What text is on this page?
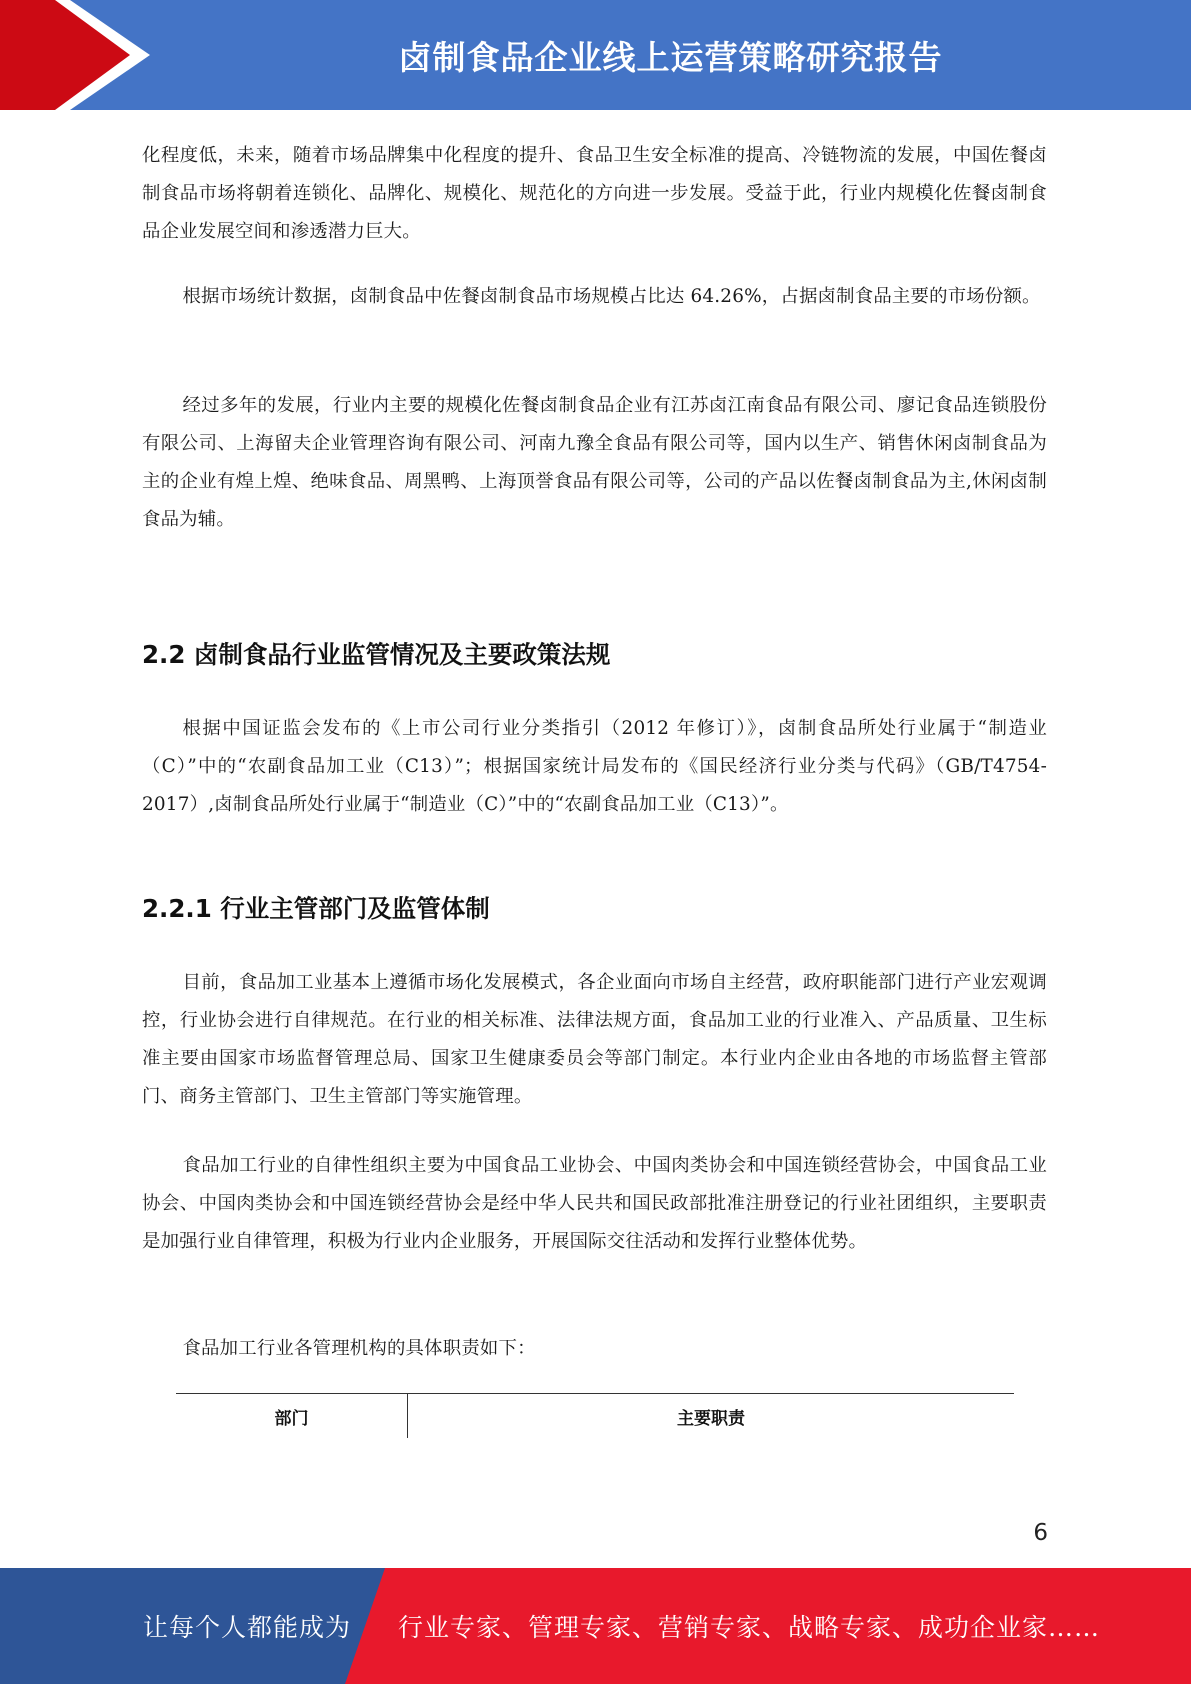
卤制食品企业线上运营策略研究报告

化程度低，未来，随着市场品牌集中化程度的提升、食品卫生安全标准的提高、冷链物流的发展，中国佐餐卤制食品市场将朝着连锁化、品牌化、规模化、规范化的方向进一步发展。受益于此，行业内规模化佐餐卤制食品企业发展空间和渗透潜力巨大。

根据市场统计数据，卤制食品中佐餐卤制食品市场规模占比达 64.26%，占据卤制食品主要的市场份额。

经过多年的发展，行业内主要的规模化佐餐卤制食品企业有江苏卤江南食品有限公司、廖记食品连锁股份有限公司、上海留夫企业管理咨询有限公司、河南九豫全食品有限公司等，国内以生产、销售休闲卤制食品为主的企业有煌上煌、绝味食品、周黑鸭、上海顶誉食品有限公司等，公司的产品以佐餐卤制食品为主,休闲卤制食品为辅。

2.2 卤制食品行业监管情况及主要政策法规

根据中国证监会发布的《上市公司行业分类指引（2012 年修订）》，卤制食品所处行业属于“制造业（C）”中的“农副食品加工业（C13）”；根据国家统计局发布的《国民经济行业分类与代码》（GB/T4754-2017）,卤制食品所处行业属于“制造业（C）”中的“农副食品加工业（C13）”。

2.2.1 行业主管部门及监管体制

目前，食品加工业基本上遵循市场化发展模式，各企业面向市场自主经营，政府职能部门进行产业宏观调控，行业协会进行自律规范。在行业的相关标准、法律法规方面，食品加工业的行业准入、产品质量、卫生标准主要由国家市场监督管理总局、国家卫生健康委员会等部门制定。本行业内企业由各地的市场监督主管部门、商务主管部门、卫生主管部门等实施管理。

食品加工行业的自律性组织主要为中国食品工业协会、中国肉类协会和中国连锁经营协会，中国食品工业协会、中国肉类协会和中国连锁经营协会是经中华人民共和国民政部批准注册登记的行业社团组织，主要职责是加强行业自律管理，积极为行业内企业服务，开展国际交往活动和发挥行业整体优势。

食品加工行业各管理机构的具体职责如下：

部门	主要职责
6
让每个人都能成为 行业专家、管理专家、营销专家、战略专家、成功企业家……
